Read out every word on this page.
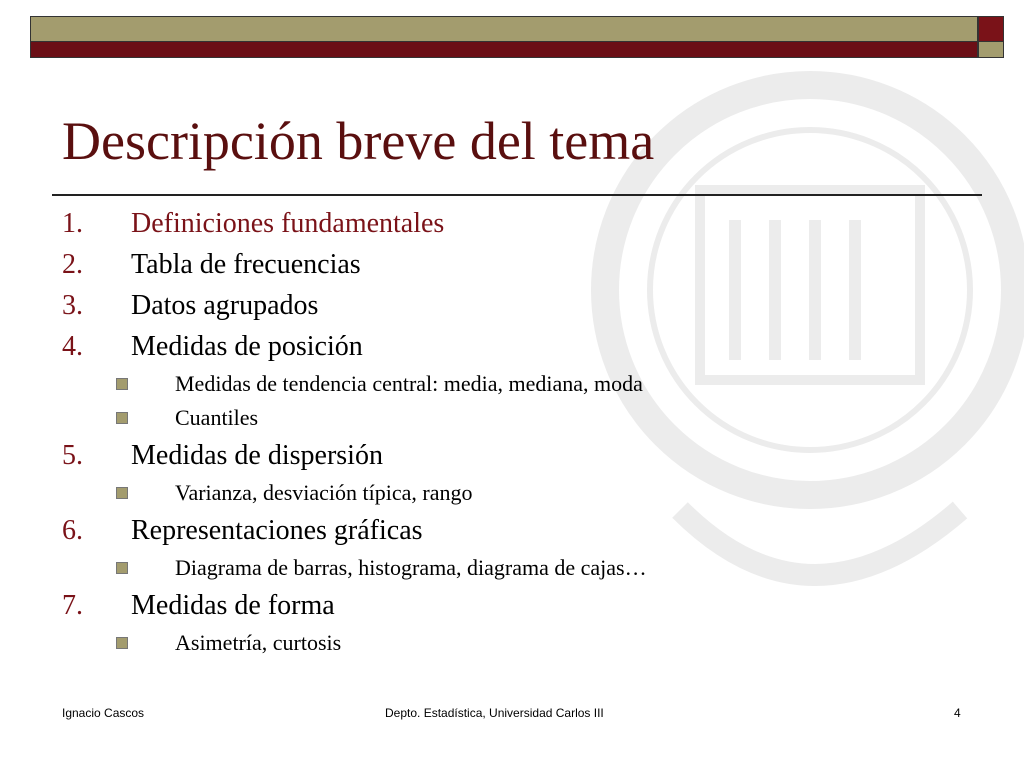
Descripción breve del tema
1. Definiciones fundamentales
2. Tabla de frecuencias
3. Datos agrupados
4. Medidas de posición
Medidas de tendencia central: media, mediana, moda
Cuantiles
5. Medidas de dispersión
Varianza, desviación típica, rango
6. Representaciones gráficas
Diagrama de barras, histograma, diagrama de cajas…
7. Medidas de forma
Asimetría, curtosis
Ignacio Cascos	Depto. Estadística, Universidad Carlos III	4
